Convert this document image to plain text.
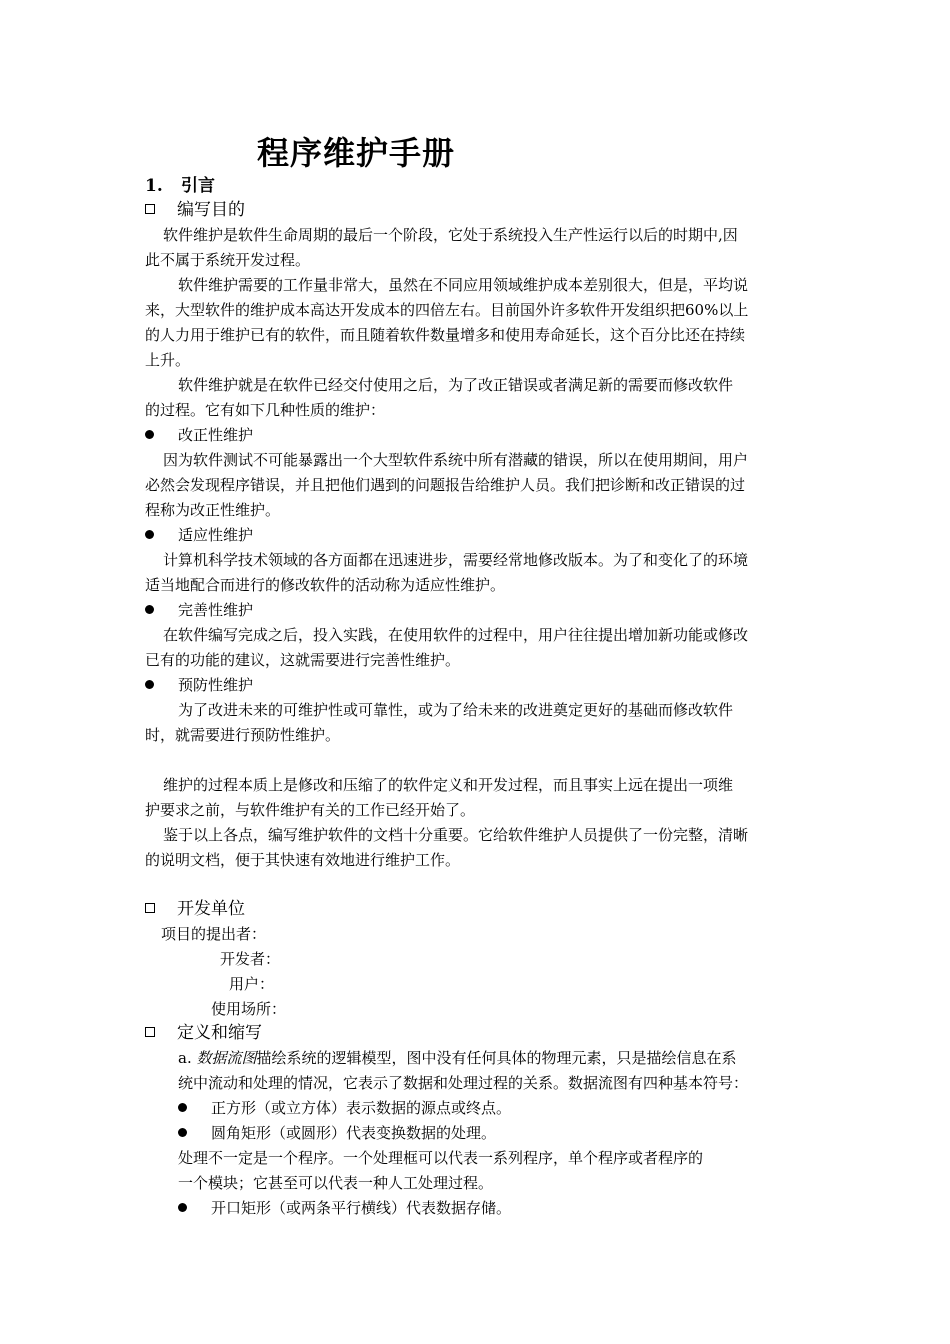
程序维护手册
1. 引言
编写目的
软件维护是软件生命周期的最后一个阶段，它处于系统投入生产性运行以后的时期中,因
此不属于系统开发过程。
软件维护需要的工作量非常大，虽然在不同应用领域维护成本差别很大，但是，平均说
来，大型软件的维护成本高达开发成本的四倍左右。目前国外许多软件开发组织把60%以上
的人力用于维护已有的软件，而且随着软件数量增多和使用寿命延长，这个百分比还在持续
上升。
软件维护就是在软件已经交付使用之后，为了改正错误或者满足新的需要而修改软件
的过程。它有如下几种性质的维护：
改正性维护
因为软件测试不可能暴露出一个大型软件系统中所有潜藏的错误，所以在使用期间，用户
必然会发现程序错误，并且把他们遇到的问题报告给维护人员。我们把诊断和改正错误的过
程称为改正性维护。
适应性维护
计算机科学技术领域的各方面都在迅速进步，需要经常地修改版本。为了和变化了的环境
适当地配合而进行的修改软件的活动称为适应性维护。
完善性维护
在软件编写完成之后，投入实践，在使用软件的过程中，用户往往提出增加新功能或修改
已有的功能的建议，这就需要进行完善性维护。
预防性维护
为了改进未来的可维护性或可靠性，或为了给未来的改进奠定更好的基础而修改软件
时，就需要进行预防性维护。
维护的过程本质上是修改和压缩了的软件定义和开发过程，而且事实上远在提出一项维
护要求之前，与软件维护有关的工作已经开始了。
鉴于以上各点，编写维护软件的文档十分重要。它给软件维护人员提供了一份完整，清晰
的说明文档，便于其快速有效地进行维护工作。
开发单位
项目的提出者：
开发者：
用户：
使用场所：
定义和缩写
a. 数据流图描绘系统的逻辑模型，图中没有任何具体的物理元素，只是描绘信息在系
统中流动和处理的情况，它表示了数据和处理过程的关系。数据流图有四种基本符号：
正方形（或立方体）表示数据的源点或终点。
圆角矩形（或圆形）代表变换数据的处理。
处理不一定是一个程序。一个处理框可以代表一系列程序，单个程序或者程序的
一个模块；它甚至可以代表一种人工处理过程。
开口矩形（或两条平行横线）代表数据存储。
